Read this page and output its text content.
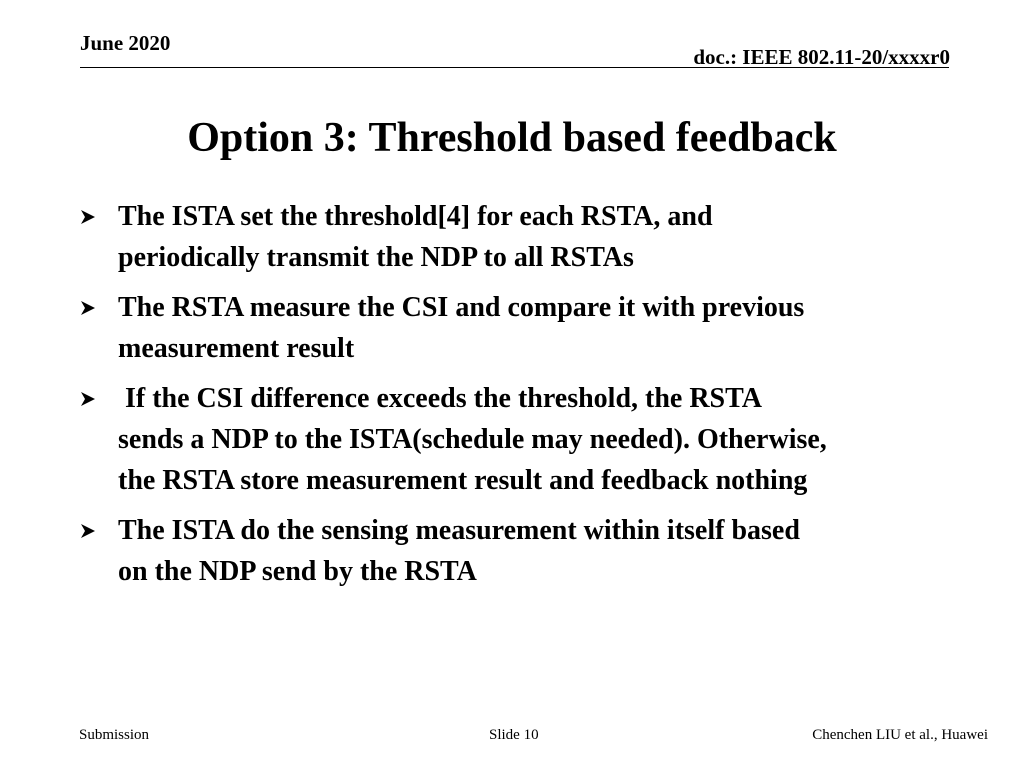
June 2020
doc.: IEEE 802.11-20/xxxxr0
Option 3: Threshold based feedback
The ISTA set the threshold[4] for each RSTA, and
periodically transmit the NDP to all RSTAs
The RSTA measure the CSI and compare it with previous
measurement result
If the CSI difference exceeds the threshold, the RSTA
sends a NDP to the ISTA(schedule may needed). Otherwise,
the RSTA store measurement result and feedback nothing
The ISTA do the sensing measurement within itself based
on the NDP send by the RSTA
Submission	Slide 10	Chenchen LIU et al., Huawei
